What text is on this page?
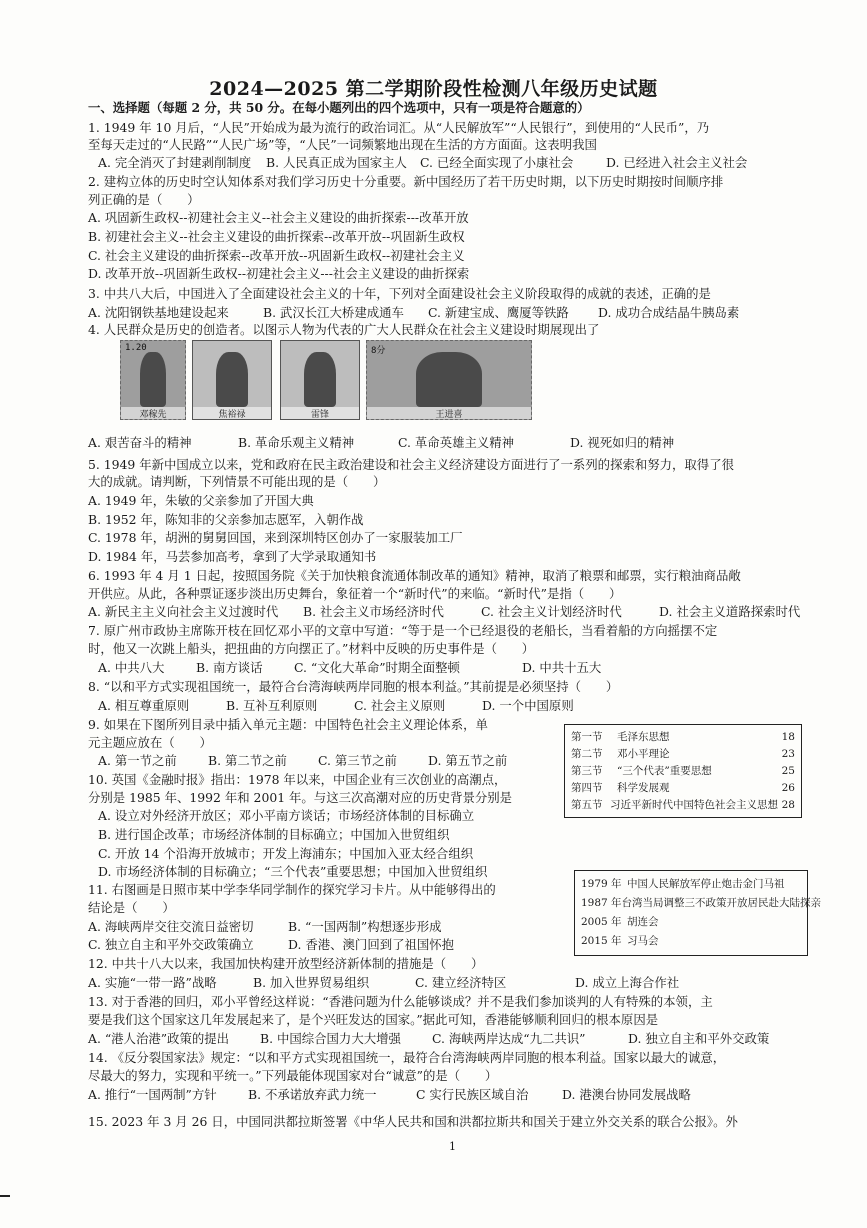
2024—2025 第二学期阶段性检测八年级历史试题
一、选择题（每题 2 分，共 50 分。在每小题列出的四个选项中，只有一项是符合题意的）
1. 1949 年 10 月后，“人民”开始成为最为流行的政治词汇。从“人民解放军”“人民银行”，到使用的“人民币”，乃
至每天走过的“人民路”“人民广场”等，“人民”一词频繁地出现在生活的方方面面。这表明我国
A. 完全消灭了封建剥削制度	B. 人民真正成为国家主人	C. 已经全面实现了小康社会	D. 已经进入社会主义社会
2. 建构立体的历史时空认知体系对我们学习历史十分重要。新中国经历了若干历史时期，以下历史时期按时间顺序排
列正确的是（　　）
A. 巩固新生政权--初建社会主义--社会主义建设的曲折探索---改革开放
B. 初建社会主义--社会主义建设的曲折探索--改革开放--巩固新生政权
C. 社会主义建设的曲折探索--改革开放--巩固新生政权--初建社会主义
D. 改革开放--巩固新生政权--初建社会主义---社会主义建设的曲折探索
3. 中共八大后，中国进入了全面建设社会主义的十年，下列对全面建设社会主义阶段取得的成就的表述，正确的是
A. 沈阳钢铁基地建设起来	B. 武汉长江大桥建成通车	C. 新建宝成、鹰厦等铁路	D. 成功合成结晶牛胰岛素
4. 人民群众是历史的创造者。以图示人物为代表的广大人民群众在社会主义建设时期展现出了
1.20
邓稼先	焦裕禄	雷锋
8分
王进喜
A. 艰苦奋斗的精神	B. 革命乐观主义精神	C. 革命英雄主义精神	D. 视死如归的精神
5. 1949 年新中国成立以来，党和政府在民主政治建设和社会主义经济建设方面进行了一系列的探索和努力，取得了很
大的成就。请判断，下列情景不可能出现的是（　　）
A. 1949 年，朱敏的父亲参加了开国大典
B. 1952 年，陈知非的父亲参加志愿军，入朝作战
C. 1978 年，胡洲的舅舅回国，来到深圳特区创办了一家服装加工厂
D. 1984 年，马芸参加高考，拿到了大学录取通知书
6. 1993 年 4 月 1 日起，按照国务院《关于加快粮食流通体制改革的通知》精神，取消了粮票和邮票，实行粮油商品敞
开供应。从此，各种票证逐步淡出历史舞台，象征着一个“新时代”的来临。“新时代”是指（　　）
A. 新民主主义向社会主义过渡时代	B. 社会主义市场经济时代	C. 社会主义计划经济时代	D. 社会主义道路探索时代
7. 原广州市政协主席陈开枝在回忆邓小平的文章中写道：“等于是一个已经退役的老船长，当看着船的方向摇摆不定
时，他又一次跳上船头，把扭曲的方向摆正了。”材料中反映的历史事件是（　　）
A. 中共八大	B. 南方谈话	C. “文化大革命”时期全面整顿	D. 中共十五大
8. “以和平方式实现祖国统一，最符合台湾海峡两岸同胞的根本利益。”其前提是必须坚持（　　）
A. 相互尊重原则	B. 互补互利原则	C. 社会主义原则	D. 一个中国原则
9. 如果在下图所列目录中插入单元主题：中国特色社会主义理论体系，单
元主题应放在（　　）
A. 第一节之前	B. 第二节之前	C. 第三节之前	D. 第五节之前
第一节	毛泽东思想	18
第二节	邓小平理论	23
第三节	“三个代表”重要思想	25
第四节	科学发展观	26
第五节 习近平新时代中国特色社会主义思想 28
10. 英国《金融时报》指出：1978 年以来，中国企业有三次创业的高潮点，
分别是 1985 年、1992 年和 2001 年。与这三次高潮对应的历史背景分别是
A. 设立对外经济开放区；邓小平南方谈话；市场经济体制的目标确立
B. 进行国企改革；市场经济体制的目标确立；中国加入世贸组织
C. 开放 14 个沿海开放城市；开发上海浦东；中国加入亚太经合组织
D. 市场经济体制的目标确立；“三个代表”重要思想；中国加入世贸组织
11. 右图画是日照市某中学李华同学制作的探究学习卡片。从中能够得出的
结论是（　　）
A. 海峡两岸交往交流日益密切	B. “一国两制”构想逐步形成
C. 独立自主和平外交政策确立	D. 香港、澳门回到了祖国怀抱
1979 年 中国人民解放军停止炮击金门马祖
1987 年 台湾当局调整三不政策开放居民赴大陆探亲
2005 年 胡连会
2015 年 习马会
12. 中共十八大以来，我国加快构建开放型经济新体制的措施是（　　）
A. 实施“一带一路”战略	B. 加入世界贸易组织	C. 建立经济特区	D. 成立上海合作社
13. 对于香港的回归，邓小平曾经这样说：“香港问题为什么能够谈成？并不是我们参加谈判的人有特殊的本领，主
要是我们这个国家这几年发展起来了，是个兴旺发达的国家。”据此可知，香港能够顺利回归的根本原因是
A. “港人治港”政策的提出	B. 中国综合国力大大增强	C. 海峡两岸达成“九二共识”	D. 独立自主和平外交政策
14. 《反分裂国家法》规定：“以和平方式实现祖国统一，最符合台湾海峡两岸同胞的根本利益。国家以最大的诚意，
尽最大的努力，实现和平统一。”下列最能体现国家对台“诚意”的是（　　）
A. 推行“一国两制”方针	B. 不承诺放弃武力统一	C 实行民族区域自治	D. 港澳台协同发展战略
15. 2023 年 3 月 26 日，中国同洪都拉斯签署《中华人民共和国和洪都拉斯共和国关于建立外交关系的联合公报》。外
1
